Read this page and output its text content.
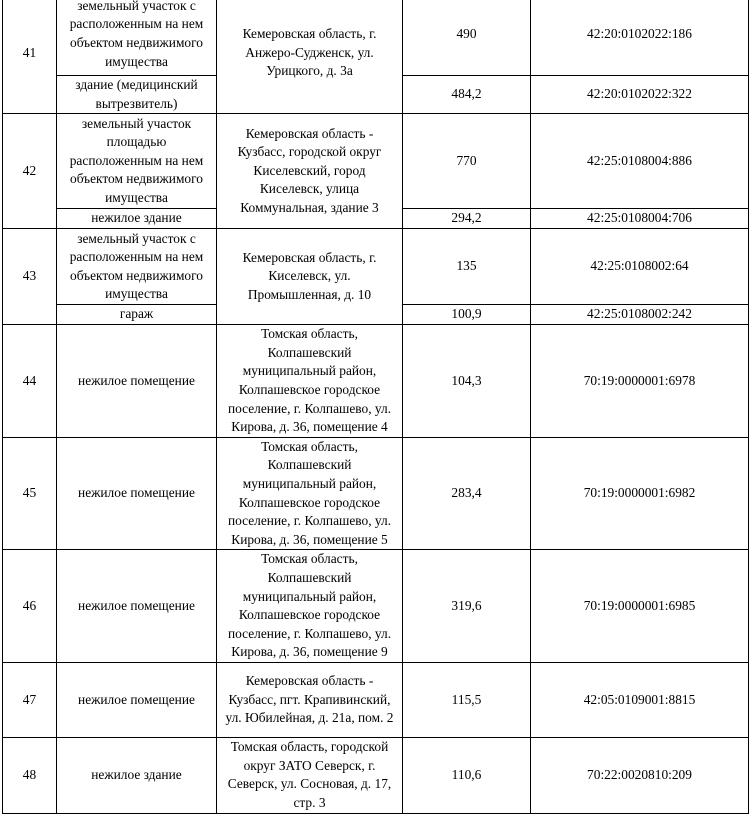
41	земельный участок с расположенным на нем объектом недвижимого имущества	Кемеровская область, г. Анжеро-Судженск, ул. Урицкого, д. 3а	490	42:20:0102022:186
	здание (медицинский вытрезвитель)		484,2	42:20:0102022:322
42	земельный участок площадью расположенным на нем объектом недвижимого имущества	Кемеровская область - Кузбасс, городской округ Киселевский, город Киселевск, улица Коммунальная, здание 3	770	42:25:0108004:886
	нежилое здание		294,2	42:25:0108004:706
43	земельный участок с расположенным на нем объектом недвижимого имущества	Кемеровская область, г. Киселевск, ул. Промышленная, д. 10	135	42:25:0108002:64
	гараж		100,9	42:25:0108002:242
44	нежилое помещение	Томская область, Колпашевский муниципальный район, Колпашевское городское поселение, г. Колпашево, ул. Кирова, д. 36, помещение 4	104,3	70:19:0000001:6978
45	нежилое помещение	Томская область, Колпашевский муниципальный район, Колпашевское городское поселение, г. Колпашево, ул. Кирова, д. 36, помещение 5	283,4	70:19:0000001:6982
46	нежилое помещение	Томская область, Колпашевский муниципальный район, Колпашевское городское поселение, г. Колпашево, ул. Кирова, д. 36, помещение 9	319,6	70:19:0000001:6985
47	нежилое помещение	Кемеровская область - Кузбасс, пгт. Крапивинский, ул. Юбилейная, д. 21а, пом. 2	115,5	42:05:0109001:8815
48	нежилое здание	Томская область, городской округ ЗАТО Северск, г. Северск, ул. Сосновая, д. 17, стр. 3	110,6	70:22:0020810:209
